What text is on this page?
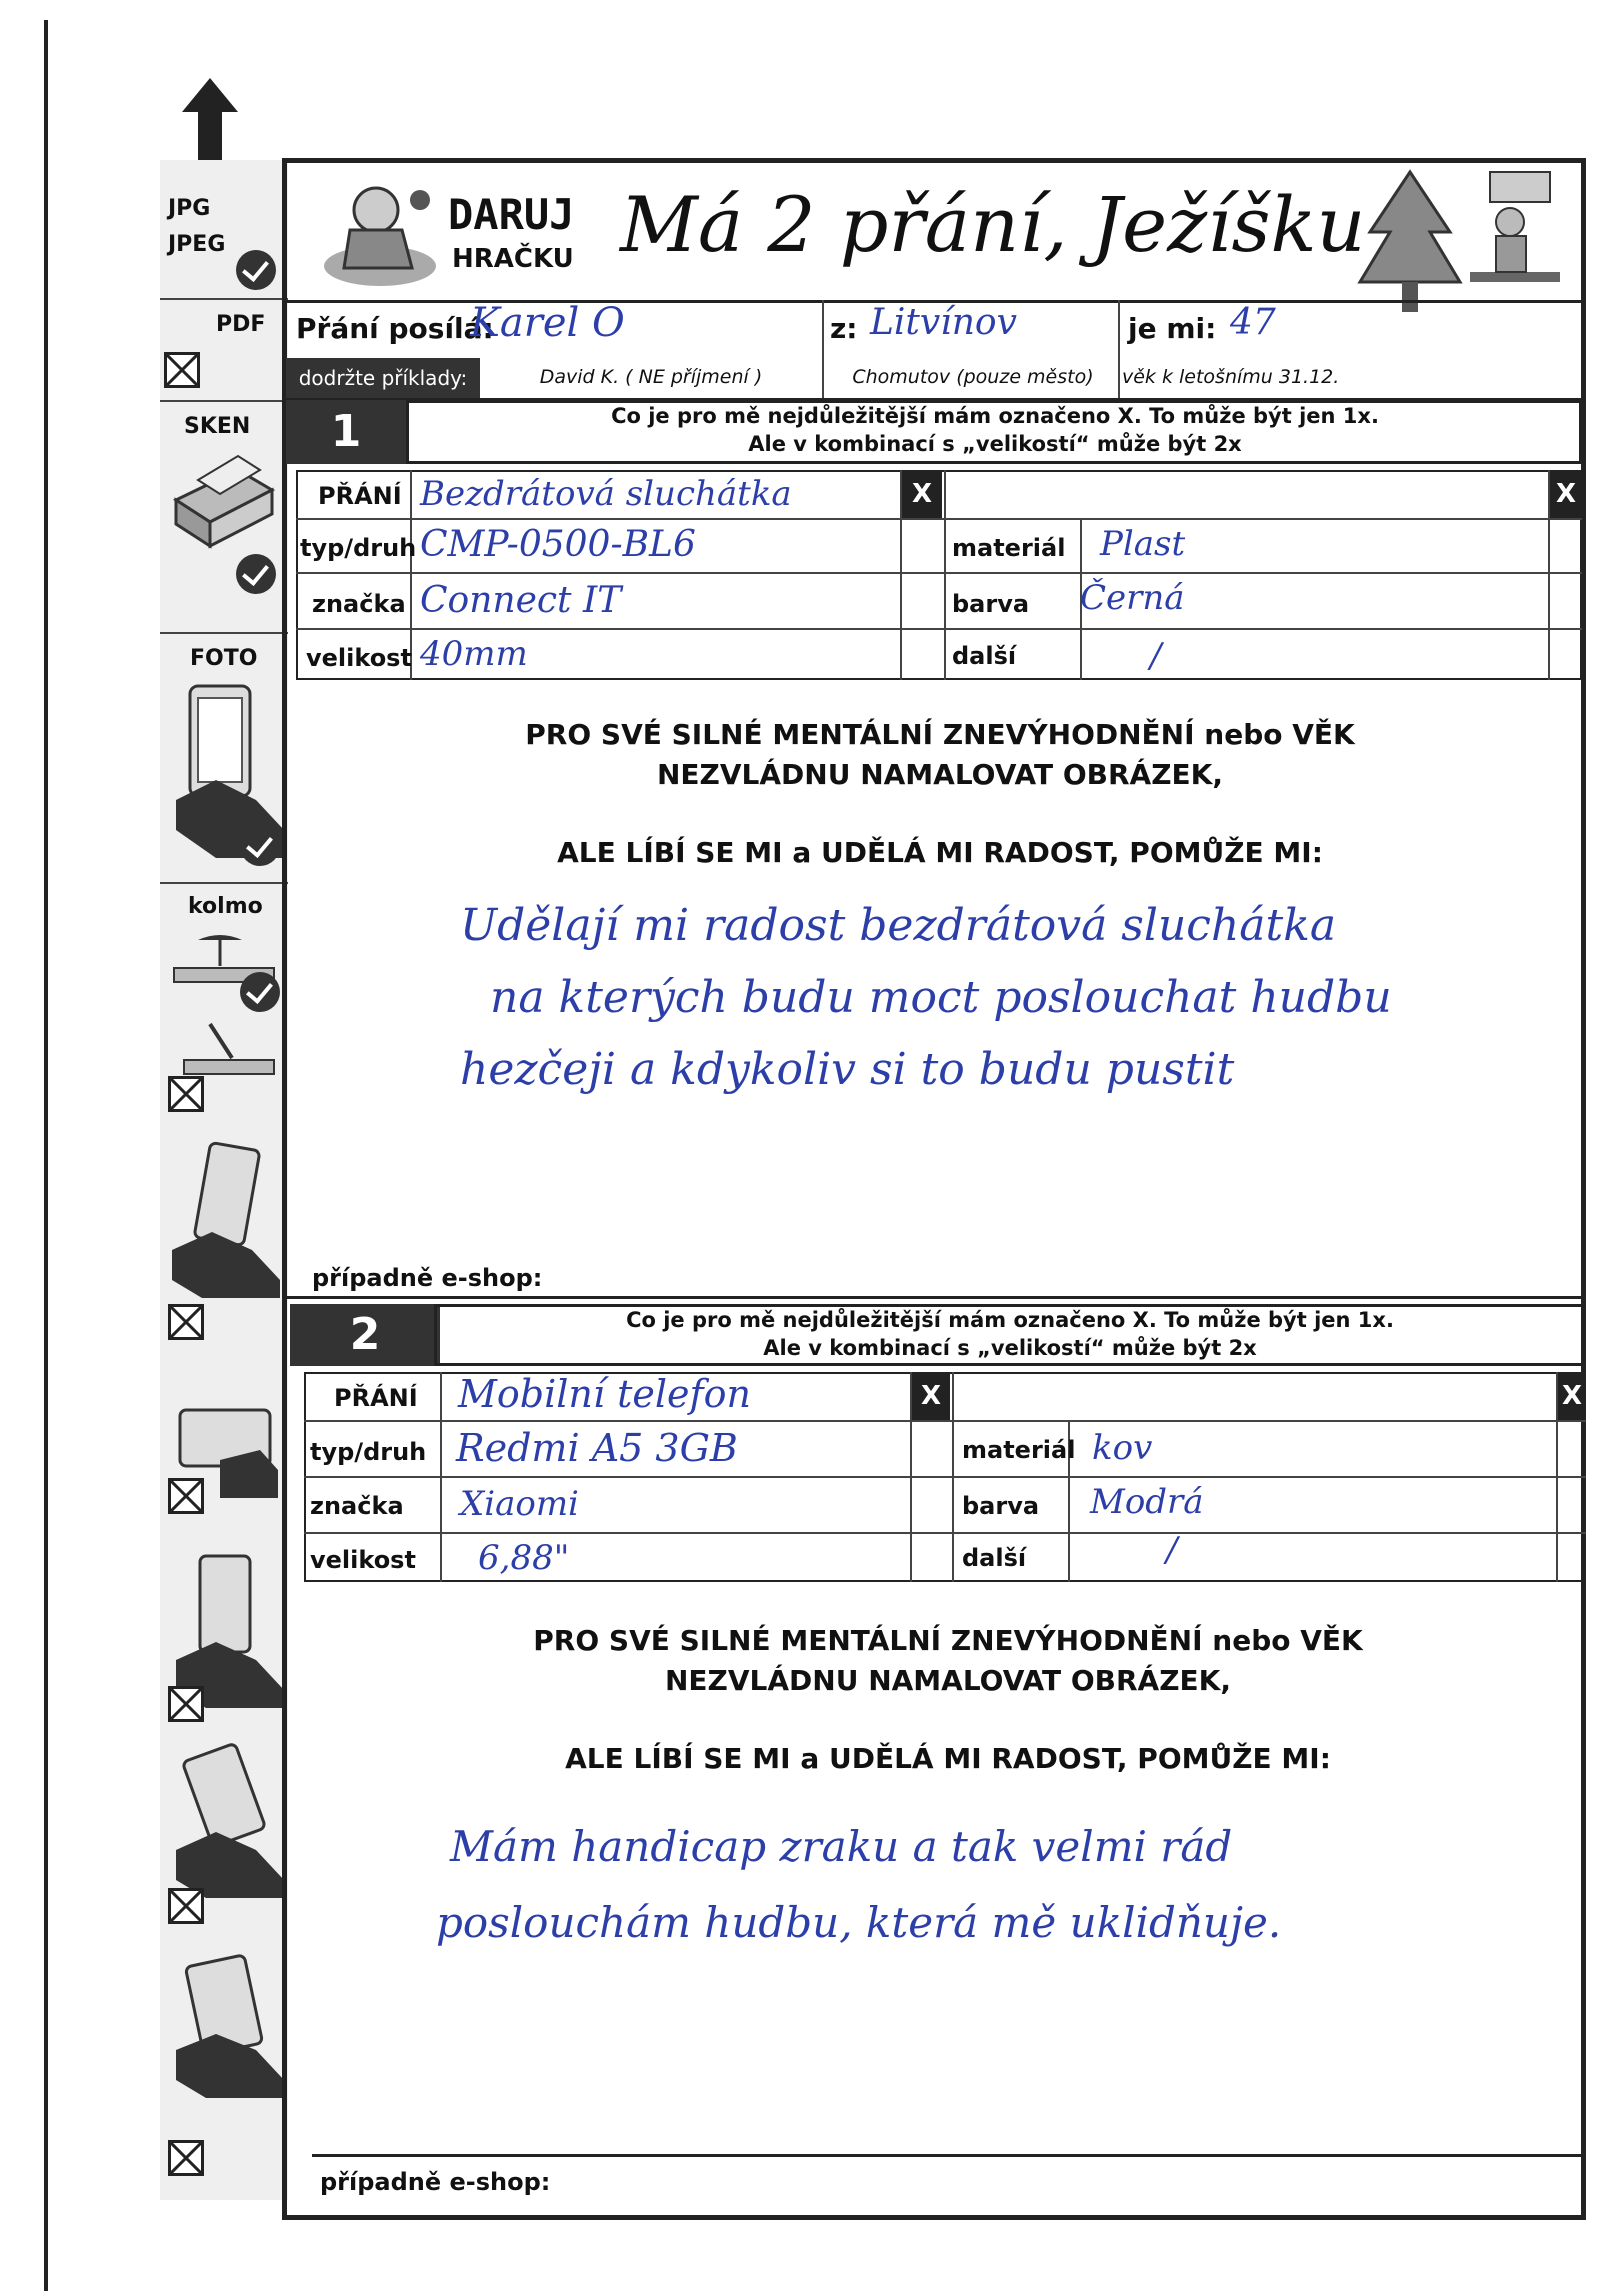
JPG
JPEG
PDF
SKEN
FOTO
kolmo
DARUJ
HRAČKU Má 2 přání, Ježíšku
Přání posílá:
Karel O	z: Litvínov	je mi: 47
dodržte příklady:	David K. ( NE příjmení )	Chomutov (pouze město)	věk k letošnímu 31.12.
1	Co je pro mě nejdůležitější mám označeno X. To může být jen 1x.
Ale v kombinací s „velikostí“ může být 2x
PŘÁNÍ Bezdrátová sluchátka	X	X
typ/druh CMP-0500-BL6	materiál Plast
značka Connect IT	barva Černá
velikost 40mm	další	/
PRO SVÉ SILNÉ MENTÁLNÍ ZNEVÝHODNĚNÍ nebo VĚK
NEZVLÁDNU NAMALOVAT OBRÁZEK,
ALE LÍBÍ SE MI a UDĚLÁ MI RADOST, POMŮŽE MI:
Udělají mi radost bezdrátová sluchátka
na kterých budu moct poslouchat hudbu
hezčeji a kdykoliv si to budu pustit
případně e-shop:
2	Co je pro mě nejdůležitější mám označeno X. To může být jen 1x.
Ale v kombinací s „velikostí“ může být 2x
PŘÁNÍ Mobilní telefon	X	X
typ/druh Redmi A5 3GB	materiál kov
značka Xiaomi	barva Modrá
velikost 6,88"	další	/
PRO SVÉ SILNÉ MENTÁLNÍ ZNEVÝHODNĚNÍ nebo VĚK
NEZVLÁDNU NAMALOVAT OBRÁZEK,
ALE LÍBÍ SE MI a UDĚLÁ MI RADOST, POMŮŽE MI:
Mám handicap zraku a tak velmi rád
poslouchám hudbu, která mě uklidňuje.
případně e-shop:
